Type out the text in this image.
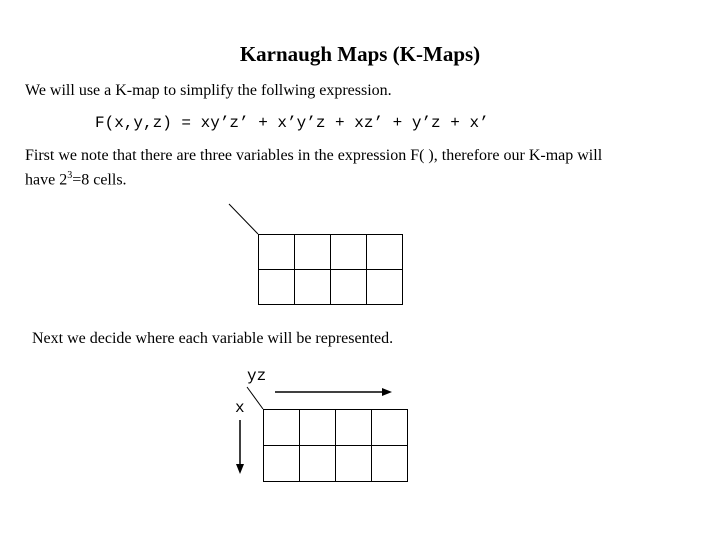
Karnaugh Maps (K-Maps)
We will use a K-map to simplify the follwing expression.
F(x,y,z) = xy’z’ + x’y’z + xz’ + y’z + x’
First we note that there are three variables in the expression F( ), therefore our K-map will
have $2^3=8$ cells.

Next we decide where each variable will be represented.
yz
x
